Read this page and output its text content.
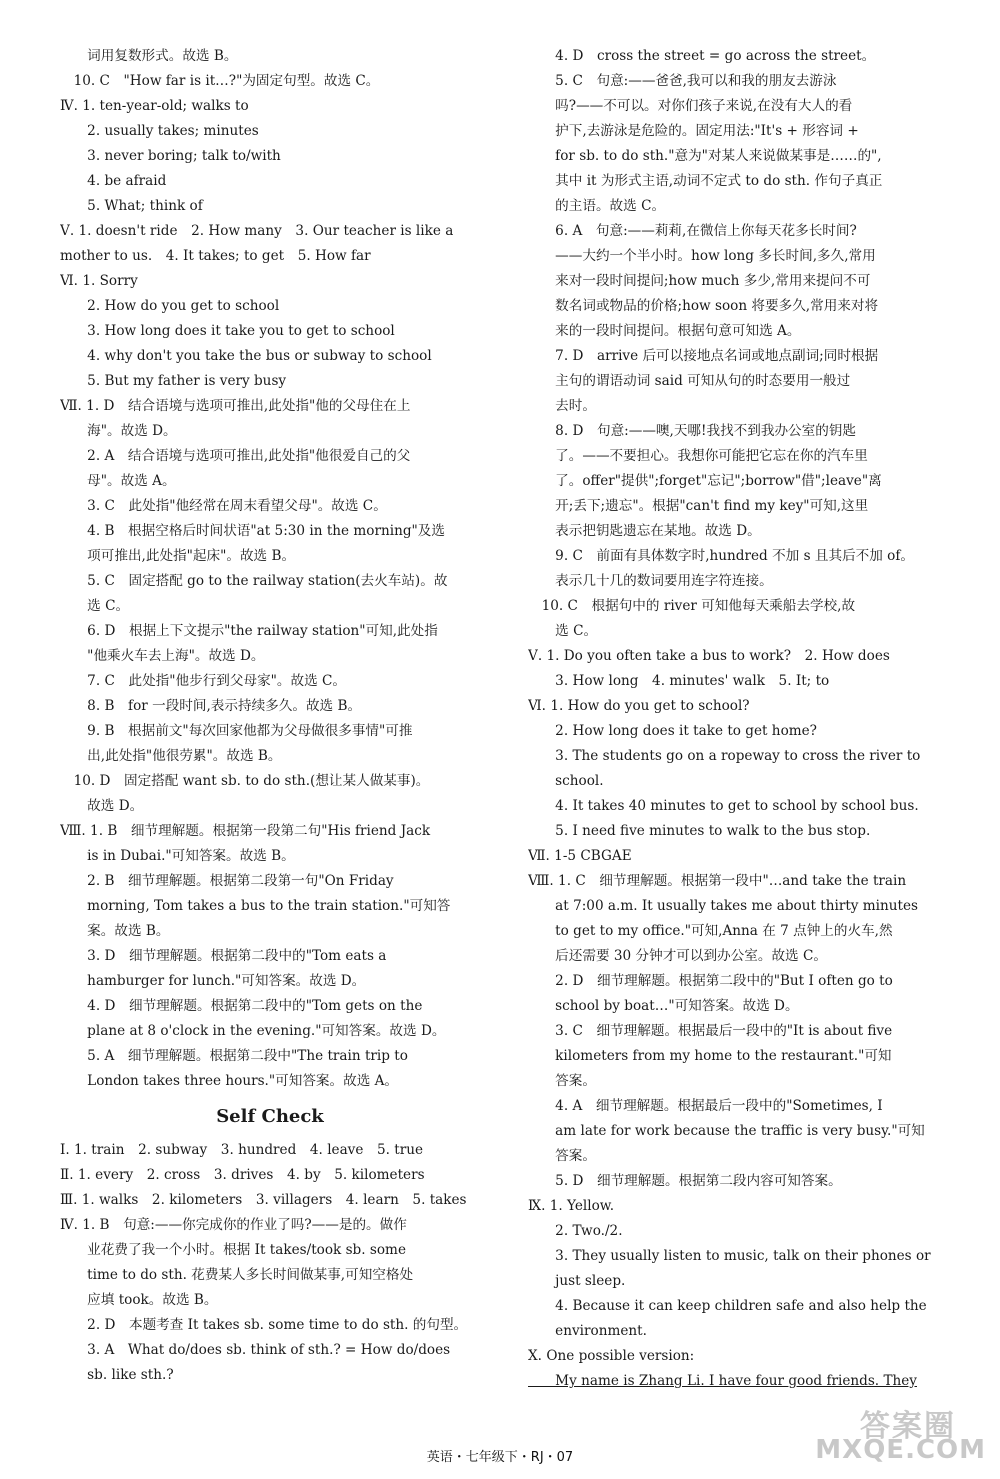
　　词用复数形式。故选 B。
　10. C　"How far is it…?"为固定句型。故选 C。
Ⅳ. 1. ten-year-old; walks to
　　2. usually takes; minutes
　　3. never boring; talk to/with
　　4. be afraid
　　5. What; think of
Ⅴ. 1. doesn't ride　2. How many　3. Our teacher is like a
mother to us.　4. It takes; to get　5. How far
Ⅵ. 1. Sorry
　　2. How do you get to school
　　3. How long does it take you to get to school
　　4. why don't you take the bus or subway to school
　　5. But my father is very busy
Ⅶ. 1. D　结合语境与选项可推出,此处指"他的父母住在上
　　海"。故选 D。
　　2. A　结合语境与选项可推出,此处指"他很爱自己的父
　　母"。故选 A。
　　3. C　此处指"他经常在周末看望父母"。故选 C。
　　4. B　根据空格后时间状语"at 5:30 in the morning"及选
　　项可推出,此处指"起床"。故选 B。
　　5. C　固定搭配 go to the railway station(去火车站)。故
　　选 C。
　　6. D　根据上下文提示"the railway station"可知,此处指
　　"他乘火车去上海"。故选 D。
　　7. C　此处指"他步行到父母家"。故选 C。
　　8. B　for 一段时间,表示持续多久。故选 B。
　　9. B　根据前文"每次回家他都为父母做很多事情"可推
　　出,此处指"他很劳累"。故选 B。
　10. D　固定搭配 want sb. to do sth.(想让某人做某事)。
　　故选 D。
Ⅷ. 1. B　细节理解题。根据第一段第二句"His friend Jack
　　is in Dubai."可知答案。故选 B。
　　2. B　细节理解题。根据第二段第一句"On Friday
　　morning, Tom takes a bus to the train station."可知答
　　案。故选 B。
　　3. D　细节理解题。根据第二段中的"Tom eats a
　　hamburger for lunch."可知答案。故选 D。
　　4. D　细节理解题。根据第二段中的"Tom gets on the
　　plane at 8 o'clock in the evening."可知答案。故选 D。
　　5. A　细节理解题。根据第二段中"The train trip to
　　London takes three hours."可知答案。故选 A。
Self Check
Ⅰ. 1. train　2. subway　3. hundred　4. leave　5. true
Ⅱ. 1. every　2. cross　3. drives　4. by　5. kilometers
Ⅲ. 1. walks　2. kilometers　3. villagers　4. learn　5. takes
Ⅳ. 1. B　句意:——你完成你的作业了吗?——是的。做作
　　业花费了我一个小时。根据 It takes/took sb. some
　　time to do sth. 花费某人多长时间做某事,可知空格处
　　应填 took。故选 B。
　　2. D　本题考查 It takes sb. some time to do sth. 的句型。
　　3. A　What do/does sb. think of sth.? = How do/does
　　sb. like sth.?
　　4. D　cross the street = go across the street。
　　5. C　句意:——爸爸,我可以和我的朋友去游泳
　　吗?——不可以。对你们孩子来说,在没有大人的看
　　护下,去游泳是危险的。固定用法:"It's + 形容词 +
　　for sb. to do sth."意为"对某人来说做某事是……的",
　　其中 it 为形式主语,动词不定式 to do sth. 作句子真正
　　的主语。故选 C。
　　6. A　句意:——莉莉,在微信上你每天花多长时间?
　　——大约一个半小时。how long 多长时间,多久,常用
　　来对一段时间提问;how much 多少,常用来提问不可
　　数名词或物品的价格;how soon 将要多久,常用来对将
　　来的一段时间提问。根据句意可知选 A。
　　7. D　arrive 后可以接地点名词或地点副词;同时根据
　　主句的谓语动词 said 可知从句的时态要用一般过
　　去时。
　　8. D　句意:——噢,天哪!我找不到我办公室的钥匙
　　了。——不要担心。我想你可能把它忘在你的汽车里
　　了。offer"提供";forget"忘记";borrow"借";leave"离
　　开;丢下;遗忘"。根据"can't find my key"可知,这里
　　表示把钥匙遗忘在某地。故选 D。
　　9. C　前面有具体数字时,hundred 不加 s 且其后不加 of。
　　表示几十几的数词要用连字符连接。
　10. C　根据句中的 river 可知他每天乘船去学校,故
　　选 C。
Ⅴ. 1. Do you often take a bus to work?　2. How does
　　3. How long　4. minutes' walk　5. It; to
Ⅵ. 1. How do you get to school?
　　2. How long does it take to get home?
　　3. The students go on a ropeway to cross the river to
　　school.
　　4. It takes 40 minutes to get to school by school bus.
　　5. I need five minutes to walk to the bus stop.
Ⅶ. 1-5 CBGAE
Ⅷ. 1. C　细节理解题。根据第一段中"…and take the train
　　at 7:00 a.m. It usually takes me about thirty minutes
　　to get to my office."可知,Anna 在 7 点钟上的火车,然
　　后还需要 30 分钟才可以到办公室。故选 C。
　　2. D　细节理解题。根据第二段中的"But I often go to
　　school by boat…"可知答案。故选 D。
　　3. C　细节理解题。根据最后一段中的"It is about five
　　kilometers from my home to the restaurant."可知
　　答案。
　　4. A　细节理解题。根据最后一段中的"Sometimes, I
　　am late for work because the traffic is very busy."可知
　　答案。
　　5. D　细节理解题。根据第二段内容可知答案。
Ⅸ. 1. Yellow.
　　2. Two./2.
　　3. They usually listen to music, talk on their phones or
　　just sleep.
　　4. Because it can keep children safe and also help the
　　environment.
Ⅹ. One possible version:
　　My name is Zhang Li. I have four good friends. They
英语・七年级下・RJ・07
答案圈
MXQE.COM
